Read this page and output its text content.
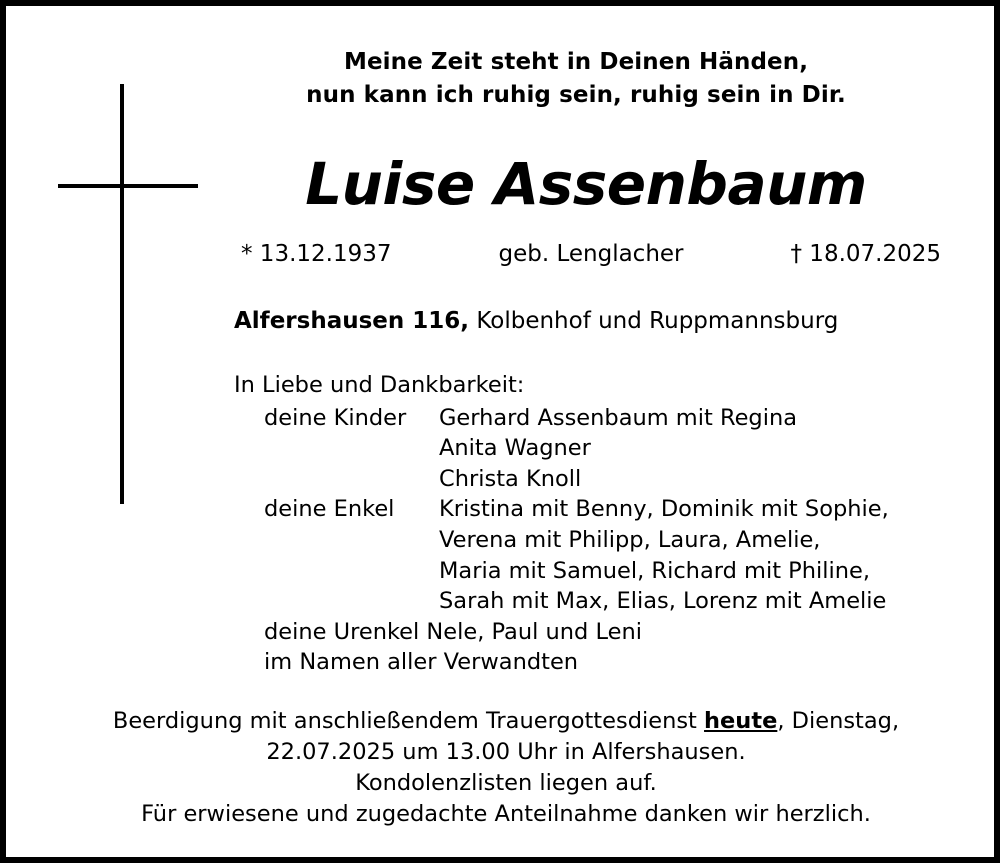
Meine Zeit steht in Deinen Händen,
nun kann ich ruhig sein, ruhig sein in Dir.
Luise Assenbaum
* 13.12.1937	geb. Lenglacher	† 18.07.2025
Alfershausen 116, Kolbenhof und Ruppmannsburg
In Liebe und Dankbarkeit:
deine Kinder	Gerhard Assenbaum mit Regina
Anita Wagner
Christa Knoll
deine Enkel	Kristina mit Benny, Dominik mit Sophie,
Verena mit Philipp, Laura, Amelie,
Maria mit Samuel, Richard mit Philine,
Sarah mit Max, Elias, Lorenz mit Amelie
deine Urenkel Nele, Paul und Leni
im Namen aller Verwandten
Beerdigung mit anschließendem Trauergottesdienst heute, Dienstag,
22.07.2025 um 13.00 Uhr in Alfershausen.
Kondolenzlisten liegen auf.
Für erwiesene und zugedachte Anteilnahme danken wir herzlich.
